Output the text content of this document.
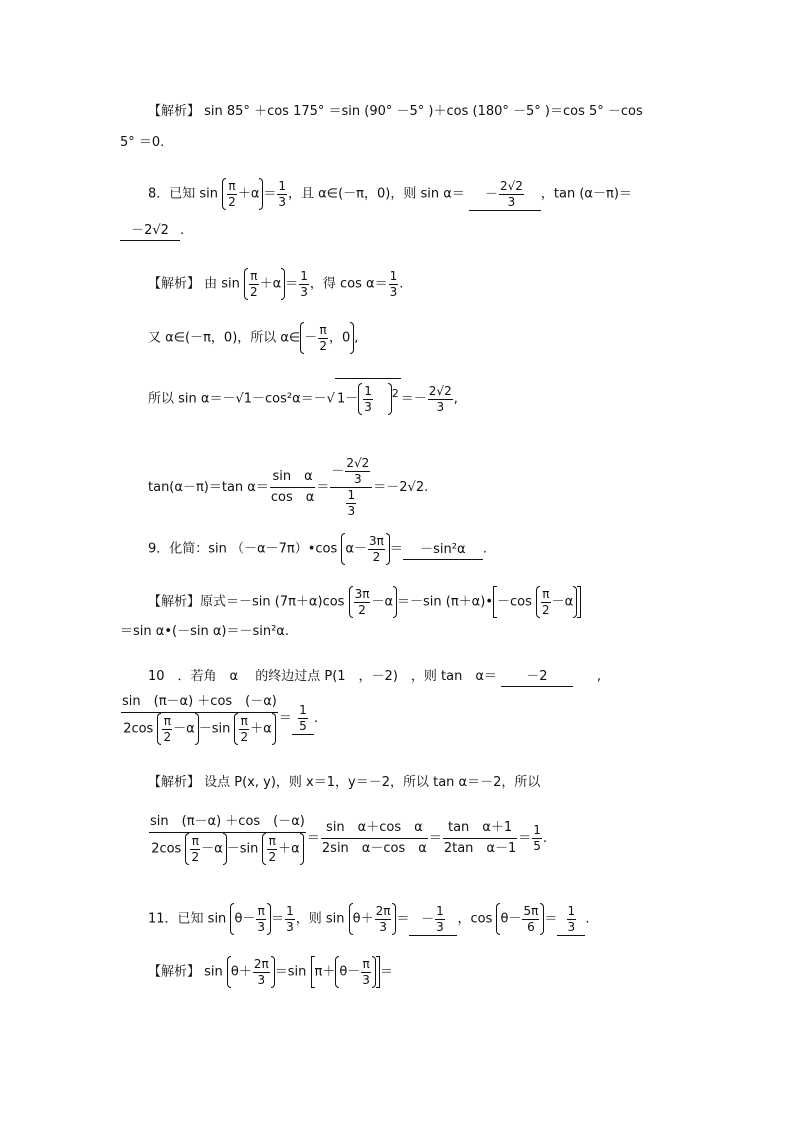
【解析】 sin 85° ＋cos 175° ＝sin (90° －5° )＋cos (180° －5° )＝cos 5° －cos
5° ＝0.
8．已知 $\sin \frac{\pi}{2} +\alpha = \frac{1}{3}$ ，且 α∈(－π，0)，则 $\sin \alpha= - \frac{2√2}{3}$ ，tan (α－π)＝
－2√2 .
【解析】 由 $\sin \frac{\pi}{2} +\alpha = \frac{1}{3}$ ，得 $\cos \alpha= \frac{1}{3}$ .
又 α∈(－π，0)，所以 α∈ － $\frac{\pi}{2}$ ，0 ,
所以 sin α＝－√1－cos²α＝－√ $1- \frac{1}{3} ^2 =- \frac{2√2}{3}$ ,
tan(α－π)＝tan $\alpha= \frac{\text{sin　α}}{\text{cos　α}} = \frac{- \frac{2√2}{3}}{\frac{1}{3}} =-2√2$.
9．化简：sin （－α－7π）•cos $\alpha- \frac{3\pi}{2} = -\sin^2\alpha$ .
【解析】原式＝－sin $(7\pi+\alpha)\cos \frac{3\pi}{2} -\alpha =-\sin$ (π＋α)• $-\cos \frac{\pi}{2} -\alpha$
＝sin α•(－sin α)＝－sin²α.
10　．若角　α　 的终边过点 P(1　，－2)　，则 tan　α＝ －2	,
$\frac{\sin (\pi-\alpha) +\cos (-\alpha)}{2\cos \frac{\pi}{2} -\alpha -\sin \frac{\pi}{2} +\alpha} = \frac{1}{5}$ .
【解析】 设点 P(x, y)，则 x＝1，y＝－2，所以 tan α＝－2，所以
$\frac{\sin (\pi-\alpha) +\cos (-\alpha)}{2\cos \frac{\pi}{2} -\alpha -\sin \frac{\pi}{2} +\alpha} = \frac{\text{sin　α＋cos　α}}{\text{2sin　α－cos　α}} = \frac{\text{tan　α＋1}}{\text{2tan　α－1}} = \frac{1}{5}$ .
11．已知 $\sin \theta- \frac{\pi}{3} = \frac{1}{3}$ ，则 $\sin \theta+ \frac{2\pi}{3}$ ＝ － $\frac{1}{3}$ ，$\cos \theta- \frac{5\pi}{6} = \frac{1}{3}$ .
【解析】 $\sin \theta+ \frac{2\pi}{3} =\sin$ $\pi+ \theta- \frac{\pi}{3}$ ＝
